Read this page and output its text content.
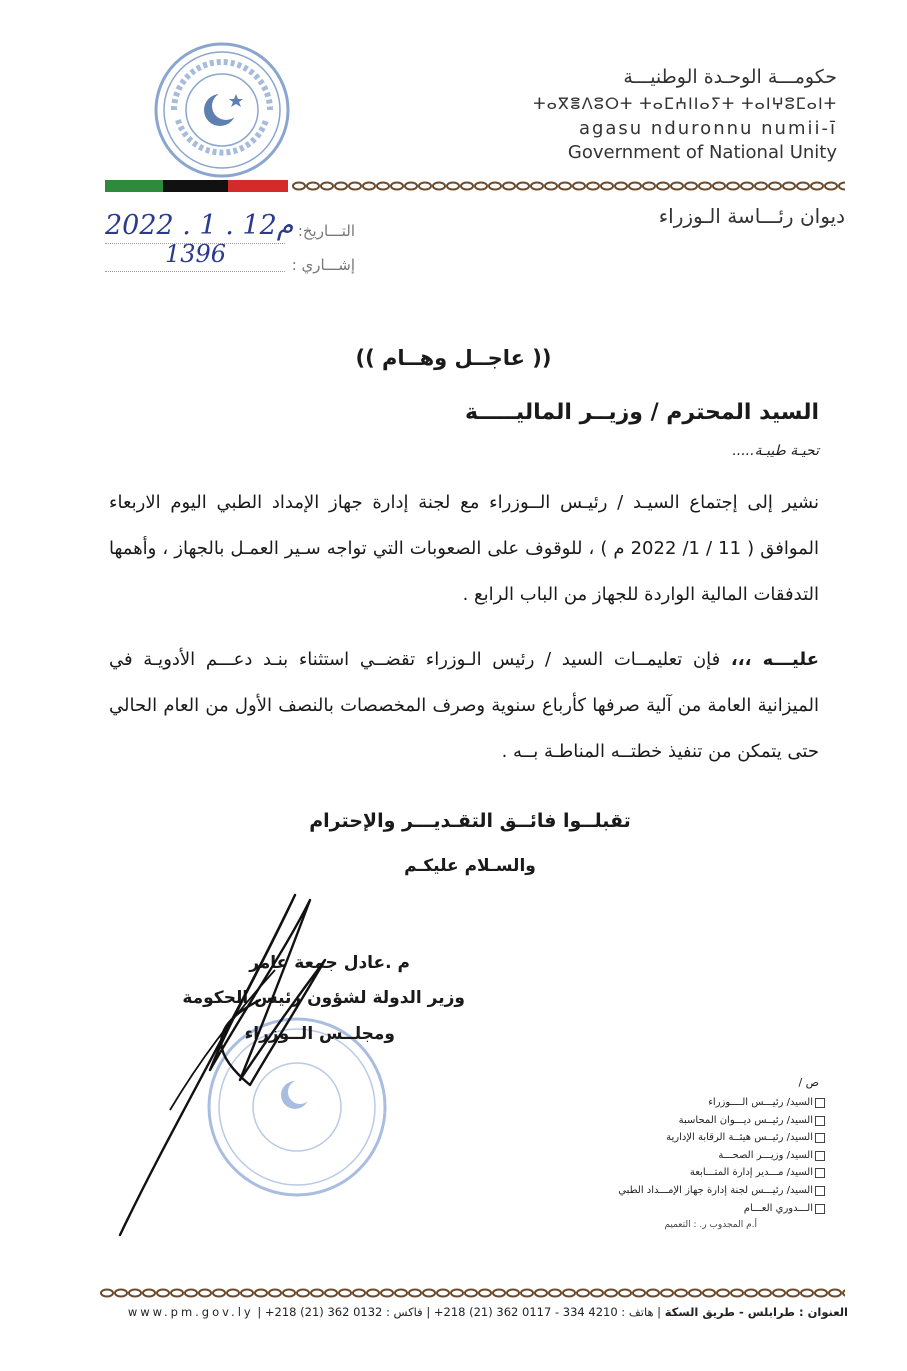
حكومـــة الوحـدة الوطنيـــة
ⵜⴰⴳⴻⴷⵓⵔⵜ ⵜⴰⵎⵄⵏⵏⴰⵢⵜ ⵜⴰⵏⵖⵓⵎⴰⵏⵜ
agasu nduronnu numii-ī
Government of National Unity
ديوان رئـــاسة الـوزراء
التـــاريخ:
إشـــاري :
2022 . 1 . 12م
1396
(( عاجــل وهــام ))
السيد المحترم / وزيــر الماليـــــة
تحيـة طيبـة.....
نشير إلى إجتماع السيـد / رئيـس الــوزراء مع لجنة إدارة جهاز الإمداد الطبي اليوم الاربعاء الموافق ( 11 / 1/ 2022 م ) ، للوقوف على الصعوبات التي تواجه سـير العمـل بالجهاز ، وأهمها التدفقات المالية الواردة للجهاز من الباب الرابع .
عليـــه ،،، فإن تعليمــات السيد / رئيس الـوزراء تقضــي استثناء بنـد دعـــم الأدويـة في الميزانية العامة من آلية صرفها كأرباع سنوية وصرف المخصصات بالنصف الأول من العام الحالي حتى يتمكن من تنفيذ خطتــه المناطـة بــه .
تقبلــوا فائــق التقـديـــر والإحترام
والسـلام عليكـم
م .عادل جمعة عامر
وزير الدولة لشؤون رئيس الحكومة
ومجلــس الــوزراء
ص /
السيد/ رئيـــس الــــوزراء
السيد/ رئيــس ديـــوان المحاسبة
السيد/ رئيــس هيئــة الرقابة الإدارية
السيد/ وزيـــر الصحـــة
السيد/ مـــدير إدارة المتـــابعة
السيد/ رئيـــس لجنة إدارة جهاز الإمـــداد الطبي
الـــدوري العـــام
أ.م المجدوب ر. : التعميم
العنوان : طرابلس - طريق السكة | هاتف : 4210 334 - 0117 362 (21) 218+ | فاكس : 0132 362 (21) 218+ | www.pm.gov.ly
